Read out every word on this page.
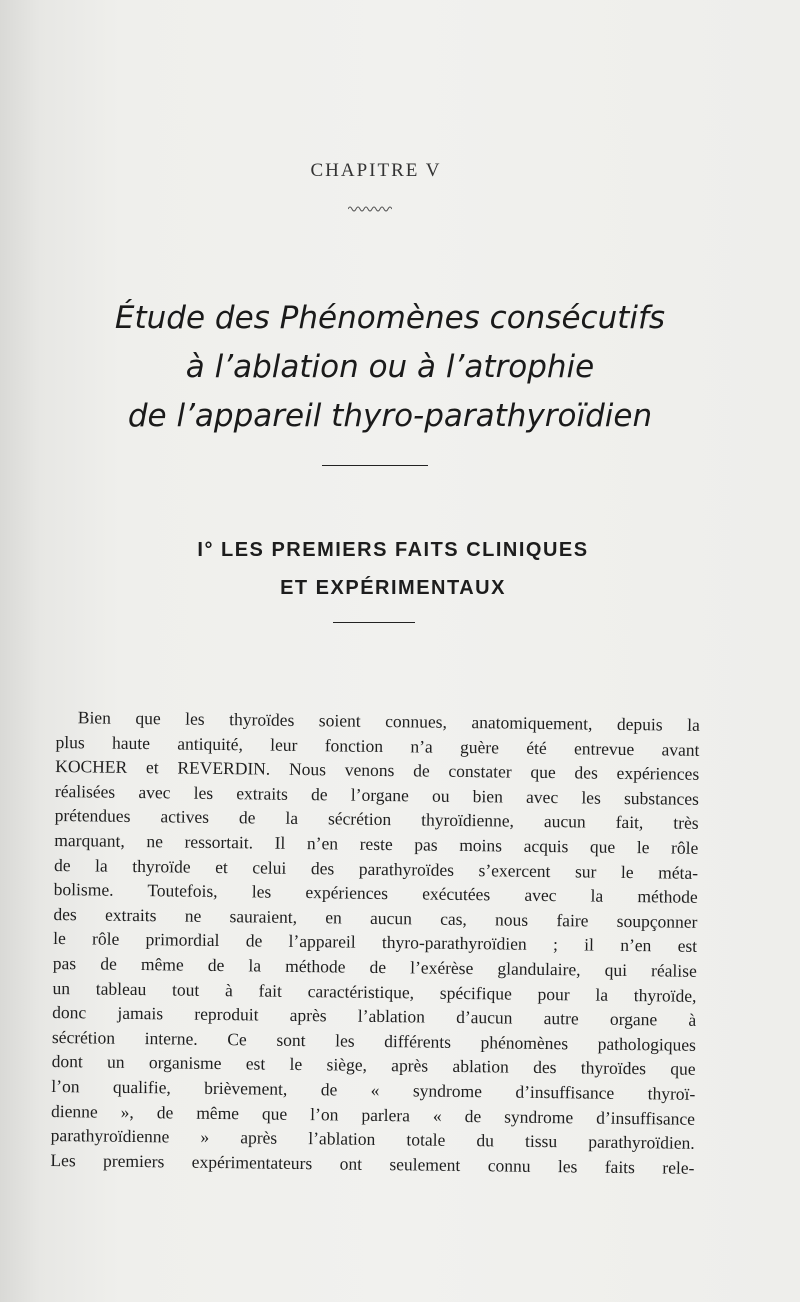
CHAPITRE V
Étude des Phénomènes consécutifs
à l’ablation ou à l’atrophie
de l’appareil thyro-parathyroïdien
I° LES PREMIERS FAITS CLINIQUES
ET EXPÉRIMENTAUX
Bien que les thyroïdes soient connues, anatomiquement, depuis la
plus haute antiquité, leur fonction n’a guère été entrevue avant
KOCHER et REVERDIN. Nous venons de constater que des expériences
réalisées avec les extraits de l’organe ou bien avec les substances
prétendues actives de la sécrétion thyroïdienne, aucun fait, très
marquant, ne ressortait. Il n’en reste pas moins acquis que le rôle
de la thyroïde et celui des parathyroïdes s’exercent sur le méta-
bolisme. Toutefois, les expériences exécutées avec la méthode
des extraits ne sauraient, en aucun cas, nous faire soupçonner
le rôle primordial de l’appareil thyro-parathyroïdien ; il n’en est
pas de même de la méthode de l’exérèse glandulaire, qui réalise
un tableau tout à fait caractéristique, spécifique pour la thyroïde,
donc jamais reproduit après l’ablation d’aucun autre organe à
sécrétion interne. Ce sont les différents phénomènes pathologiques
dont un organisme est le siège, après ablation des thyroïdes que
l’on qualifie, brièvement, de « syndrome d’insuffisance thyroï-
dienne », de même que l’on parlera « de syndrome d’insuffisance
parathyroïdienne » après l’ablation totale du tissu parathyroïdien.
Les premiers expérimentateurs ont seulement connu les faits rele-
